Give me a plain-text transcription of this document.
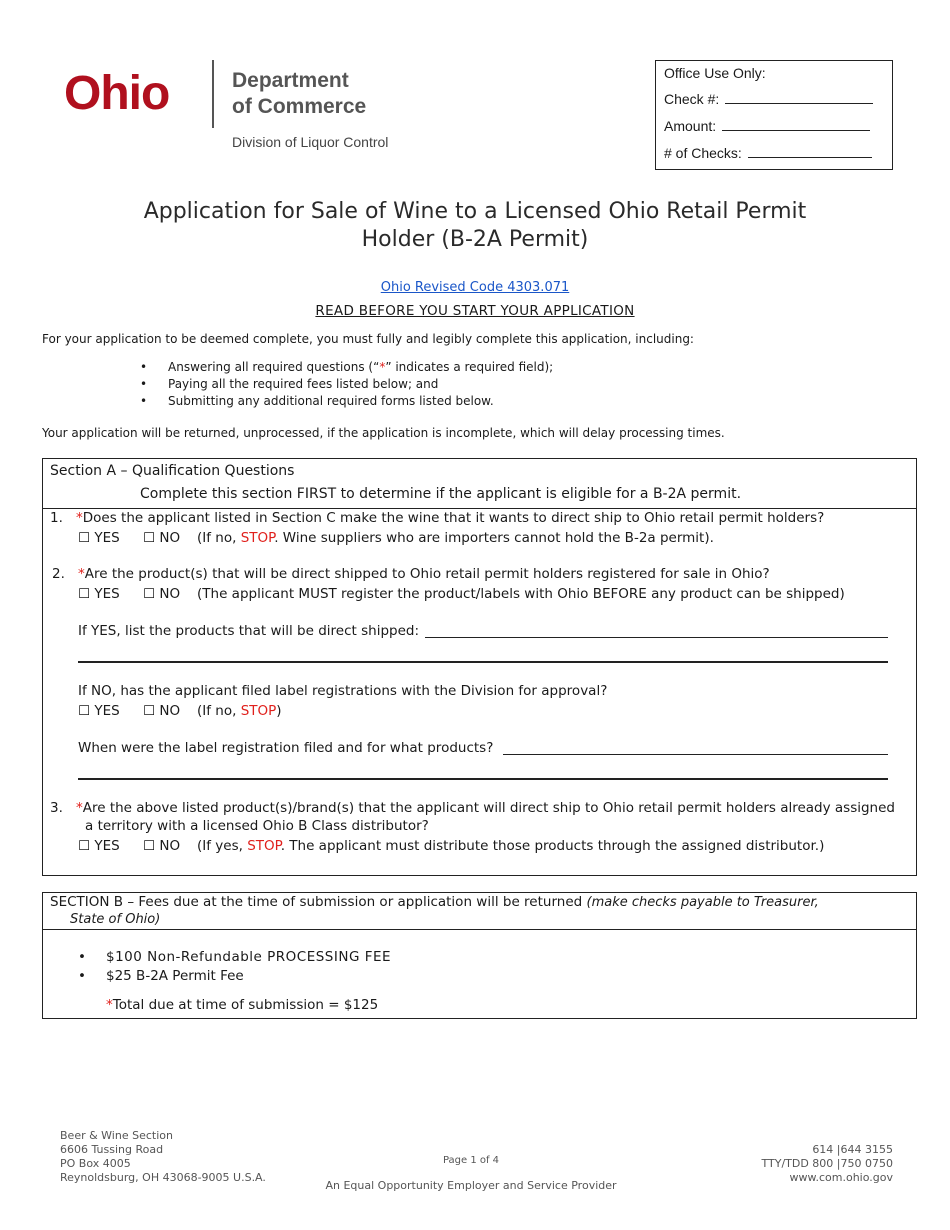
Ohio	Department
of Commerce
Division of Liquor Control
Office Use Only:
Check #:
Amount:
# of Checks:
Application for Sale of Wine to a Licensed Ohio Retail Permit
Holder (B-2A Permit)
Ohio Revised Code 4303.071
READ BEFORE YOU START YOUR APPLICATION
For your application to be deemed complete, you must fully and legibly complete this application, including:
• Answering all required questions (“*” indicates a required field);
• Paying all the required fees listed below; and
• Submitting any additional required forms listed below.
Your application will be returned, unprocessed, if the application is incomplete, which will delay processing times.
Section A – Qualification Questions
Complete this section FIRST to determine if the applicant is eligible for a B-2A permit.
1. *Does the applicant listed in Section C make the wine that it wants to direct ship to Ohio retail permit holders?
☐ YES ☐ NO (If no, STOP. Wine suppliers who are importers cannot hold the B-2a permit).
2. *Are the product(s) that will be direct shipped to Ohio retail permit holders registered for sale in Ohio?
☐ YES ☐ NO (The applicant MUST register the product/labels with Ohio BEFORE any product can be shipped)
If YES, list the products that will be direct shipped:
If NO, has the applicant filed label registrations with the Division for approval?
☐ YES ☐ NO (If no, STOP)
When were the label registration filed and for what products?
3. *Are the above listed product(s)/brand(s) that the applicant will direct ship to Ohio retail permit holders already assigned
a territory with a licensed Ohio B Class distributor?
☐ YES ☐ NO (If yes, STOP. The applicant must distribute those products through the assigned distributor.)
SECTION B – Fees due at the time of submission or application will be returned (make checks payable to Treasurer,
State of Ohio)
• $100 Non-Refundable PROCESSING FEE
• $25 B-2A Permit Fee
*Total due at time of submission = $125
Beer & Wine Section
6606 Tussing Road
PO Box 4005
Reynoldsburg, OH 43068-9005 U.S.A.
Page 1 of 4
An Equal Opportunity Employer and Service Provider
614 |644 3155
TTY/TDD 800 |750 0750
www.com.ohio.gov
